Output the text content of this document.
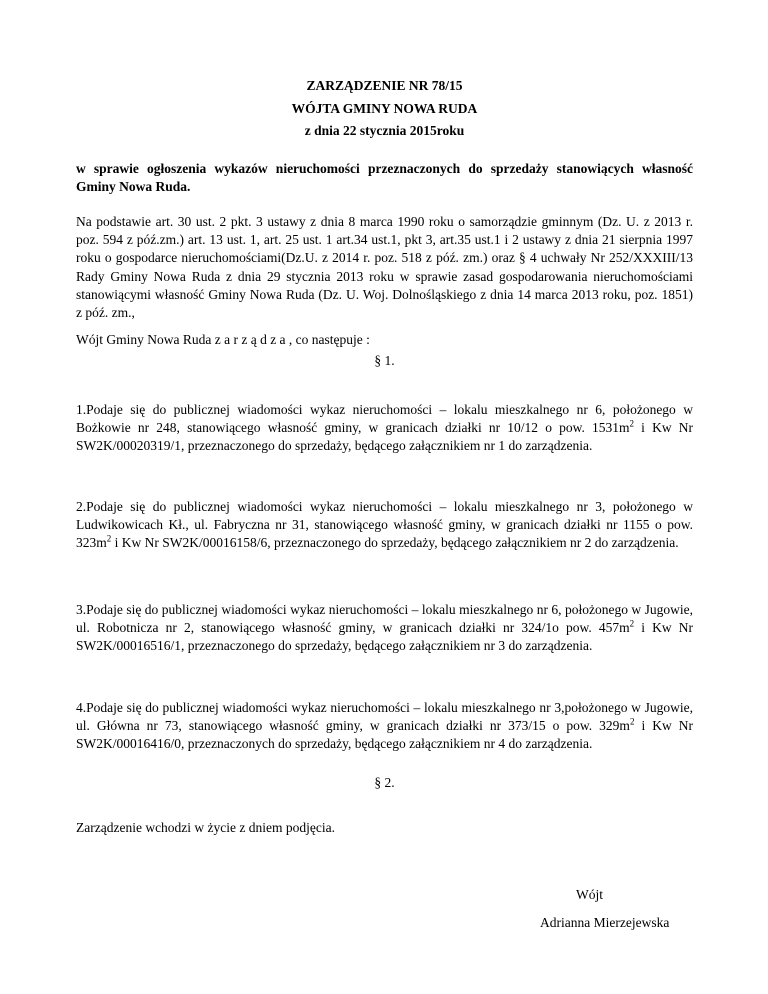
ZARZĄDZENIE NR 78/15
WÓJTA GMINY NOWA RUDA
z dnia 22 stycznia 2015roku
w sprawie ogłoszenia wykazów nieruchomości przeznaczonych do sprzedaży stanowiących własność Gminy Nowa Ruda.
Na podstawie art. 30 ust. 2 pkt. 3 ustawy z dnia 8 marca 1990 roku o samorządzie gminnym (Dz. U. z 2013 r. poz. 594 z póź.zm.) art. 13 ust. 1, art. 25 ust. 1 art.34 ust.1, pkt 3, art.35 ust.1 i 2 ustawy z dnia 21 sierpnia 1997 roku o gospodarce nieruchomościami(Dz.U. z 2014 r. poz. 518 z póź. zm.) oraz § 4 uchwały Nr 252/XXXIII/13 Rady Gminy Nowa Ruda z dnia 29 stycznia 2013 roku w sprawie zasad gospodarowania nieruchomościami stanowiącymi własność Gminy Nowa Ruda (Dz. U. Woj. Dolnośląskiego z dnia 14 marca 2013 roku, poz. 1851) z póź. zm.,
Wójt Gminy Nowa Ruda z a r z ą d z a , co następuje :
§ 1.
1.Podaje się do publicznej wiadomości wykaz nieruchomości – lokalu mieszkalnego nr 6, położonego w Bożkowie nr 248, stanowiącego własność gminy, w granicach działki nr 10/12 o pow. $1531m^2$ i Kw Nr SW2K/00020319/1, przeznaczonego do sprzedaży, będącego załącznikiem nr 1 do zarządzenia.
2.Podaje się do publicznej wiadomości wykaz nieruchomości – lokalu mieszkalnego nr 3, położonego w Ludwikowicach Kł., ul. Fabryczna nr 31, stanowiącego własność gminy, w granicach działki nr 1155 o pow. $323m^2$ i Kw Nr SW2K/00016158/6, przeznaczonego do sprzedaży, będącego załącznikiem nr 2 do zarządzenia.
3.Podaje się do publicznej wiadomości wykaz nieruchomości – lokalu mieszkalnego nr 6, położonego w Jugowie, ul. Robotnicza nr 2, stanowiącego własność gminy, w granicach działki nr 324/1o pow. $457m^2$ i Kw Nr SW2K/00016516/1, przeznaczonego do sprzedaży, będącego załącznikiem nr 3 do zarządzenia.
4.Podaje się do publicznej wiadomości wykaz nieruchomości – lokalu mieszkalnego nr 3,położonego w Jugowie, ul. Główna nr 73, stanowiącego własność gminy, w granicach działki nr 373/15 o pow. $329m^2$ i Kw Nr SW2K/00016416/0, przeznaczonych do sprzedaży, będącego załącznikiem nr 4 do zarządzenia.
§ 2.
Zarządzenie wchodzi w życie z dniem podjęcia.
Wójt
Adrianna Mierzejewska
